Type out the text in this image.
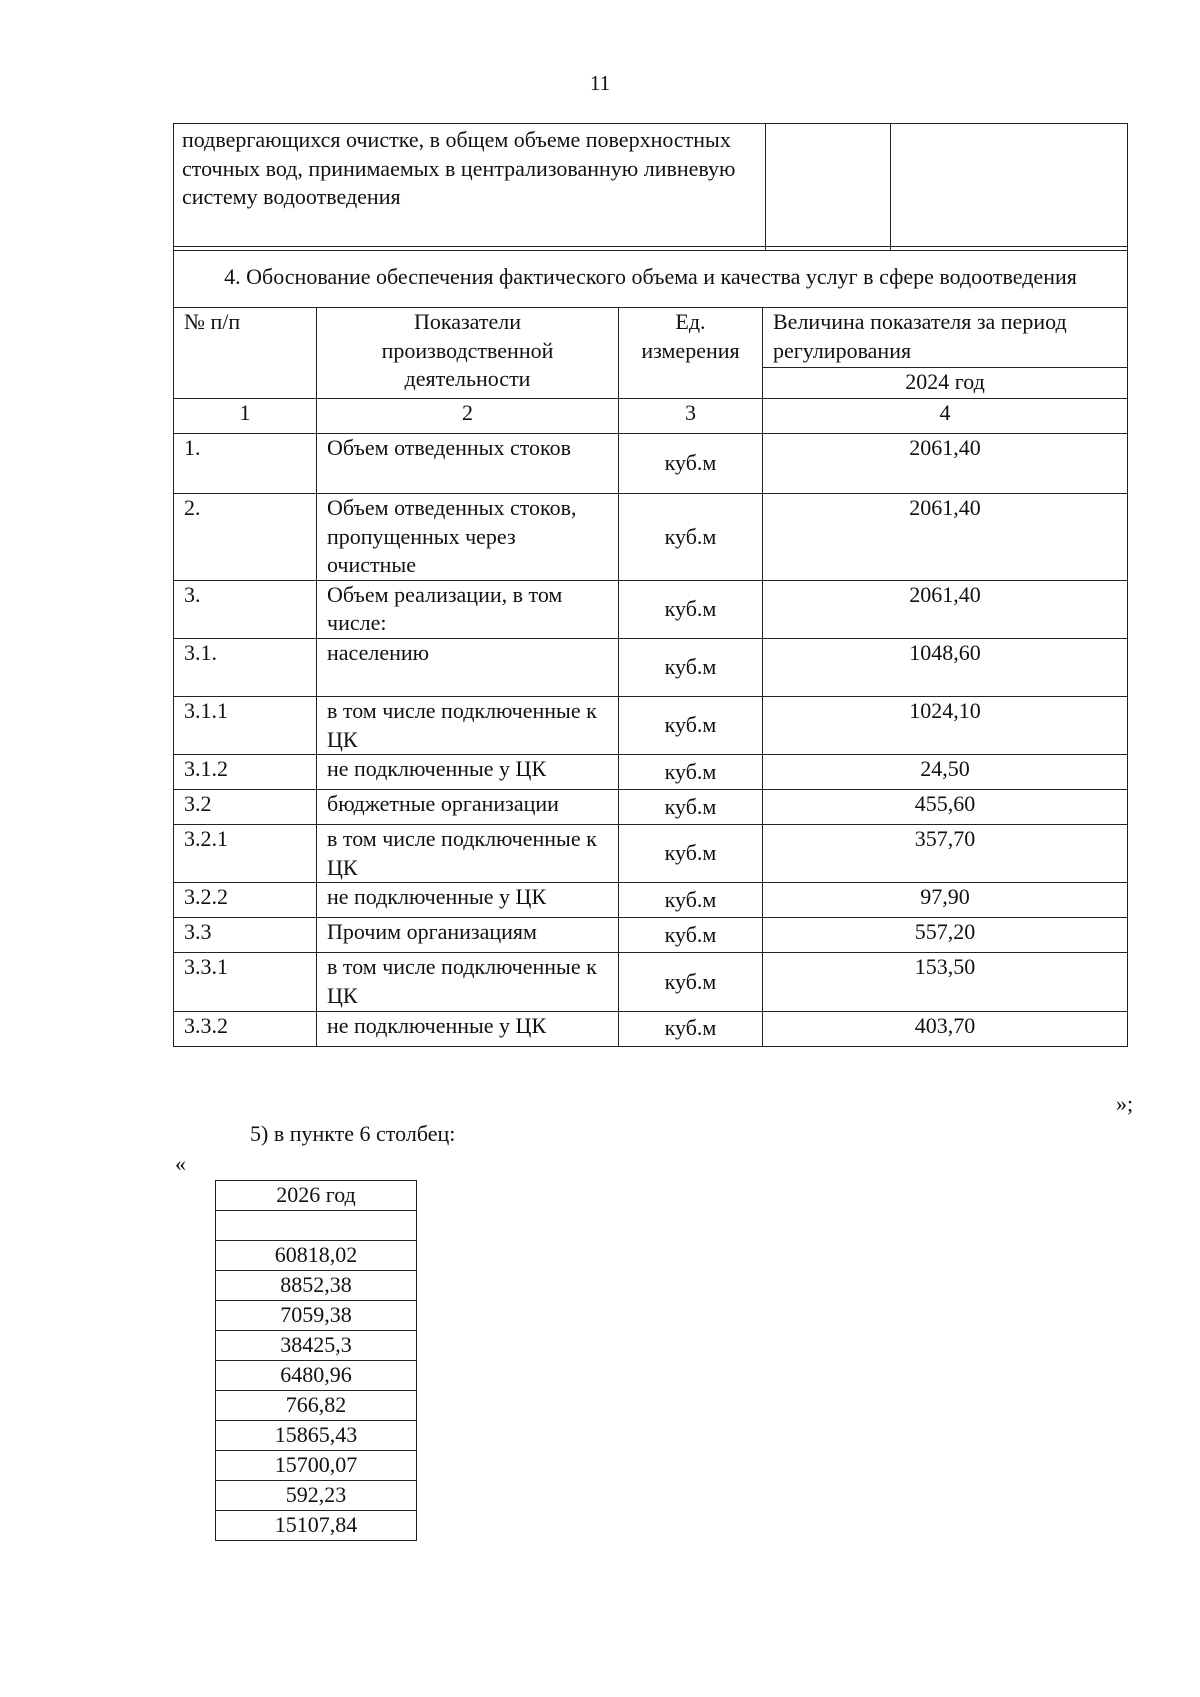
11
подвергающихся очистке, в общем объеме поверхностных сточных вод, принимаемых в централизованную ливневую систему водоотведения		
4. Обоснование обеспечения фактического объема и качества услуг в сфере водоотведения			
№ п/п	Показатели производственной деятельности	Ед. измерения	Величина показателя за период регулирования
			2024 год
1	2	3	4
1.	Объем отведенных стоков	куб.м	2061,40
2.	Объем отведенных стоков, пропущенных через очистные	куб.м	2061,40
3.	Объем реализации, в том числе:	куб.м	2061,40
3.1.	населению	куб.м	1048,60
3.1.1	в том числе подключенные к ЦК	куб.м	1024,10
3.1.2	не подключенные у ЦК	куб.м	24,50
3.2	бюджетные организации	куб.м	455,60
3.2.1	в том числе подключенные к ЦК	куб.м	357,70
3.2.2	не подключенные у ЦК	куб.м	97,90
3.3	Прочим организациям	куб.м	557,20
3.3.1	в том числе подключенные к ЦК	куб.м	153,50
3.3.2	не подключенные у ЦК	куб.м	403,70
»;
5) в пункте 6 столбец:
«
2026 год

60818,02
8852,38
7059,38
38425,3
6480,96
766,82
15865,43
15700,07
592,23
15107,84
